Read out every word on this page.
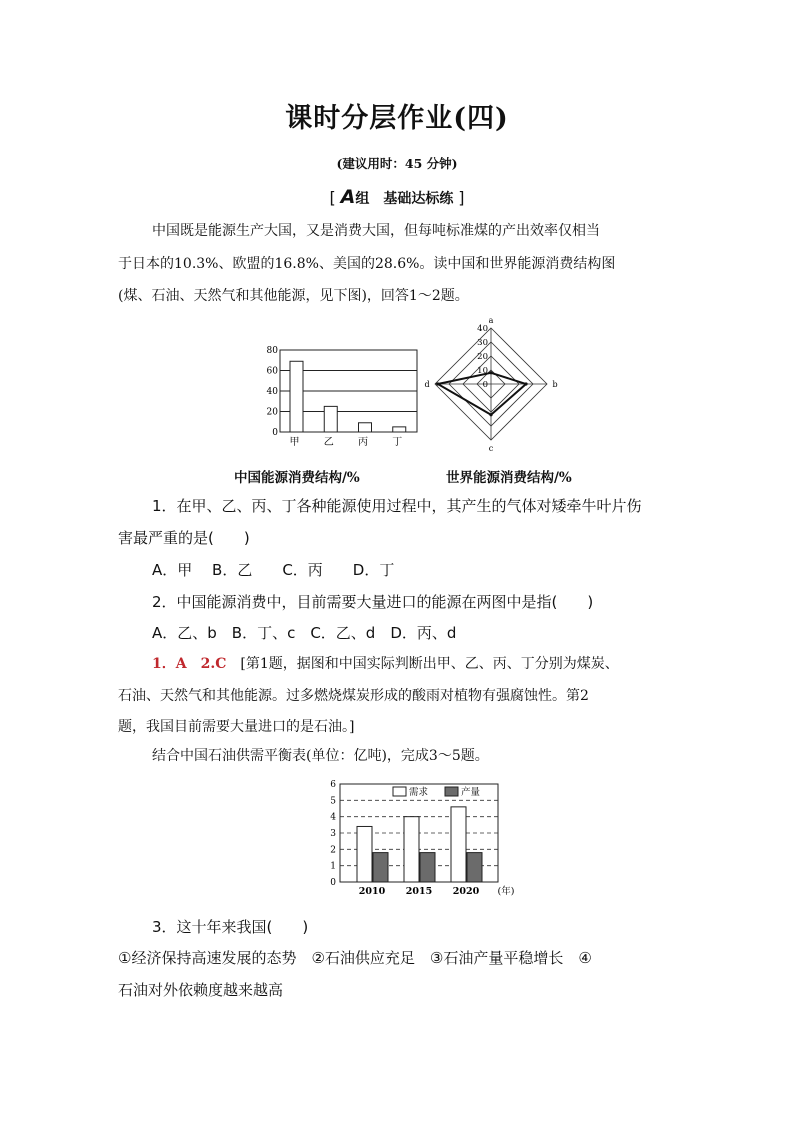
课时分层作业(四)
(建议用时：45 分钟)
[ A组　基础达标练 ]
中国既是能源生产大国，又是消费大国，但每吨标准煤的产出效率仅相当
于日本的10.3%、欧盟的16.8%、美国的28.6%。读中国和世界能源消费结构图
(煤、石油、天然气和其他能源，见下图)，回答1～2题。
0
20
40
60
80
甲 乙 丙 丁
10
20
30
40
a
b
c
d	0
中国能源消费结构/%	世界能源消费结构/%
1．在甲、乙、丙、丁各种能源使用过程中，其产生的气体对矮牵牛叶片伤
害最严重的是(　　)
A．甲　 B．乙　　C．丙　　D．丁
2．中国能源消费中，目前需要大量进口的能源在两图中是指(　　)
A．乙、b　B．丁、c　C．乙、d　D．丙、d
1．A　2.C　[第1题，据图和中国实际判断出甲、乙、丙、丁分别为煤炭、
石油、天然气和其他能源。过多燃烧煤炭形成的酸雨对植物有强腐蚀性。第2
题，我国目前需要大量进口的是石油。]
结合中国石油供需平衡表(单位：亿吨)，完成3～5题。
0
1
2
3
4
5
6
2010 2015 2020 (年)
需求	产量
3．这十年来我国(　　)
①经济保持高速发展的态势　②石油供应充足　③石油产量平稳增长　④
石油对外依赖度越来越高
